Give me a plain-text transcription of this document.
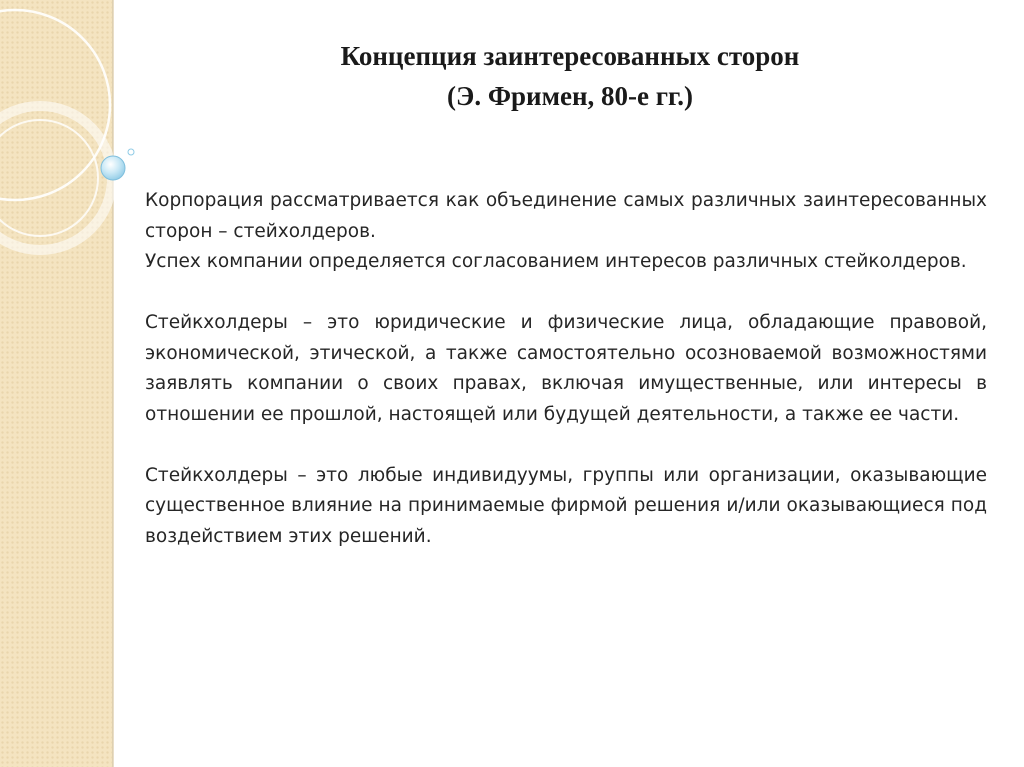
Концепция заинтересованных сторон
(Э. Фримен, 80-е гг.)

Корпорация рассматривается как объединение самых различных заинтересованных сторон – стейхолдеров.

Успех компании определяется согласованием интересов различных стейколдеров.

Стейкхолдеры – это юридические и физические лица, обладающие правовой, экономической, этической, а также самостоятельно осозноваемой возможностями заявлять компании о своих правах, включая имущественные, или интересы в отношении ее прошлой, настоящей или будущей деятельности, а также ее части.

Стейкхолдеры – это любые индивидуумы, группы или организации, оказывающие существенное влияние на принимаемые фирмой решения и/или оказывающиеся под воздействием этих решений.
